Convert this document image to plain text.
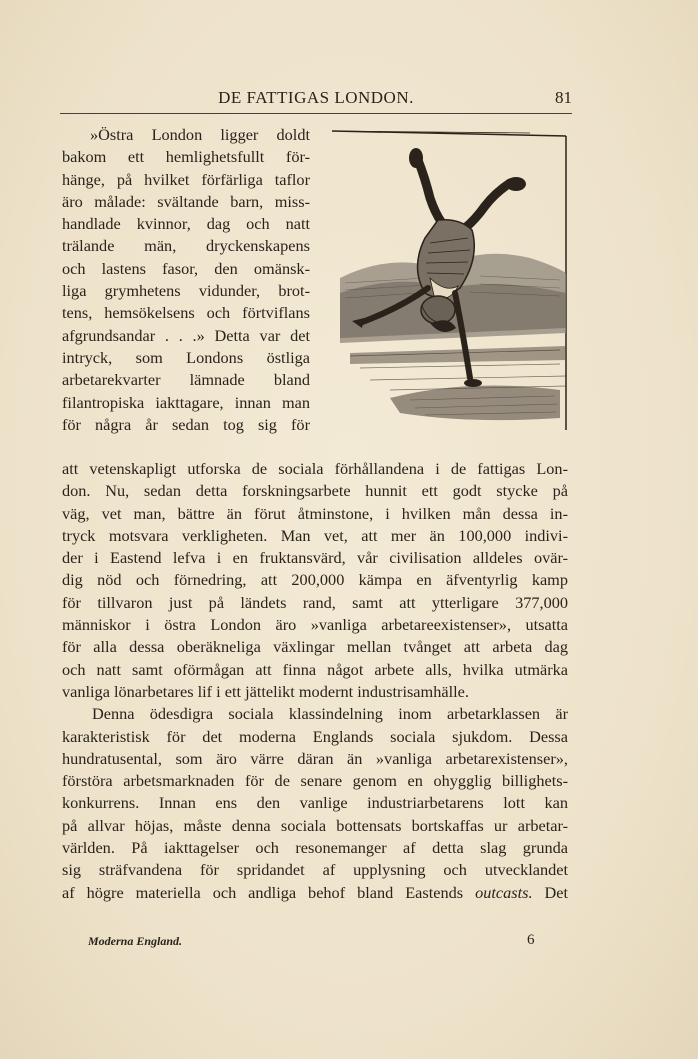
DE FATTIGAS LONDON.	81
»Östra London ligger doldt
bakom ett hemlighetsfullt för-
hänge, på hvilket förfärliga taflor
äro målade: svältande barn, miss-
handlade kvinnor, dag och natt
trälande män, dryckenskapens
och lastens fasor, den omänsk-
liga grymhetens vidunder, brot-
tens, hemsökelsens och förtviflans
afgrundsandar . . .» Detta var det
intryck, som Londons östliga
arbetarekvarter lämnade bland
filantropiska iakttagare, innan man
för några år sedan tog sig för
att vetenskapligt utforska de sociala förhållandena i de fattigas Lon-
don. Nu, sedan detta forskningsarbete hunnit ett godt stycke på
väg, vet man, bättre än förut åtminstone, i hvilken mån dessa in-
tryck motsvara verkligheten. Man vet, att mer än 100,000 indivi-
der i Eastend lefva i en fruktansvärd, vår civilisation alldeles ovär-
dig nöd och förnedring, att 200,000 kämpa en äfventyrlig kamp
för tillvaron just på ländets rand, samt att ytterligare 377,000
människor i östra London äro »vanliga arbetareexistenser», utsatta
för alla dessa oberäkneliga växlingar mellan tvånget att arbeta dag
och natt samt oförmågan att finna något arbete alls, hvilka utmärka
vanliga lönarbetares lif i ett jättelikt modernt industrisamhälle.
Denna ödesdigra sociala klassindelning inom arbetarklassen är
karakteristisk för det moderna Englands sociala sjukdom. Dessa
hundratusental, som äro värre däran än »vanliga arbetarexistenser»,
förstöra arbetsmarknaden för de senare genom en ohygglig billighets-
konkurrens. Innan ens den vanlige industriarbetarens lott kan
på allvar höjas, måste denna sociala bottensats bortskaffas ur arbetar-
världen. På iakttagelser och resonemanger af detta slag grunda
sig sträfvandena för spridandet af upplysning och utvecklandet
af högre materiella och andliga behof bland Eastends outcasts. Det
Moderna England.	6
